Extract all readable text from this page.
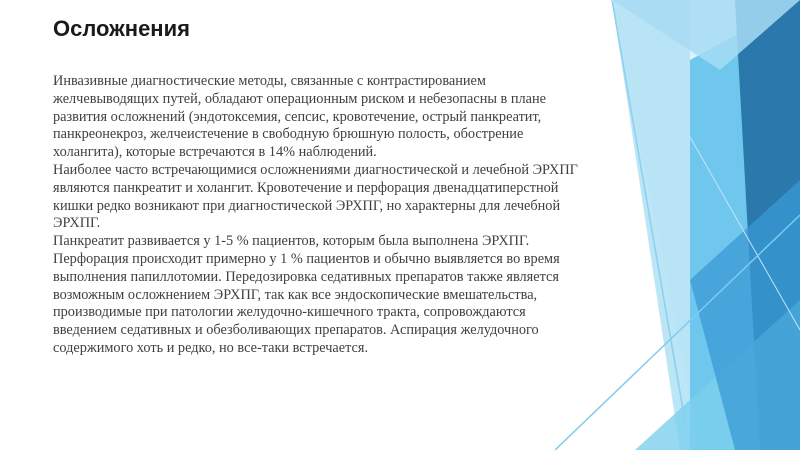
Осложнения

Инвазивные диагностические методы, связанные с контрастированием желчевыводящих путей, обладают операционным риском и небезопасны в плане развития осложнений (эндотоксемия, сепсис, кровотечение, острый панкреатит, панкреонекроз, желчеистечение в свободную брюшную полость, обострение холангита), которые встречаются в 14% наблюдений.

Наиболее часто встречающимися осложнениями диагностической и лечебной ЭРХПГ являются панкреатит и холангит. Кровотечение и перфорация двенадцатиперстной кишки редко возникают при диагностической ЭРХПГ, но характерны для лечебной ЭРХПГ.

Панкреатит развивается у 1-5 % пациентов, которым была выполнена ЭРХПГ.

Перфорация происходит примерно у 1 % пациентов и обычно выявляется во время выполнения папиллотомии. Передозировка седативных препаратов также является возможным осложнением ЭРХПГ, так как все эндоскопические вмешательства, производимые при патологии желудочно-кишечного тракта, сопровождаются введением седативных и обезболивающих препаратов. Аспирация желудочного содержимого хоть и редко, но все-таки встречается.
